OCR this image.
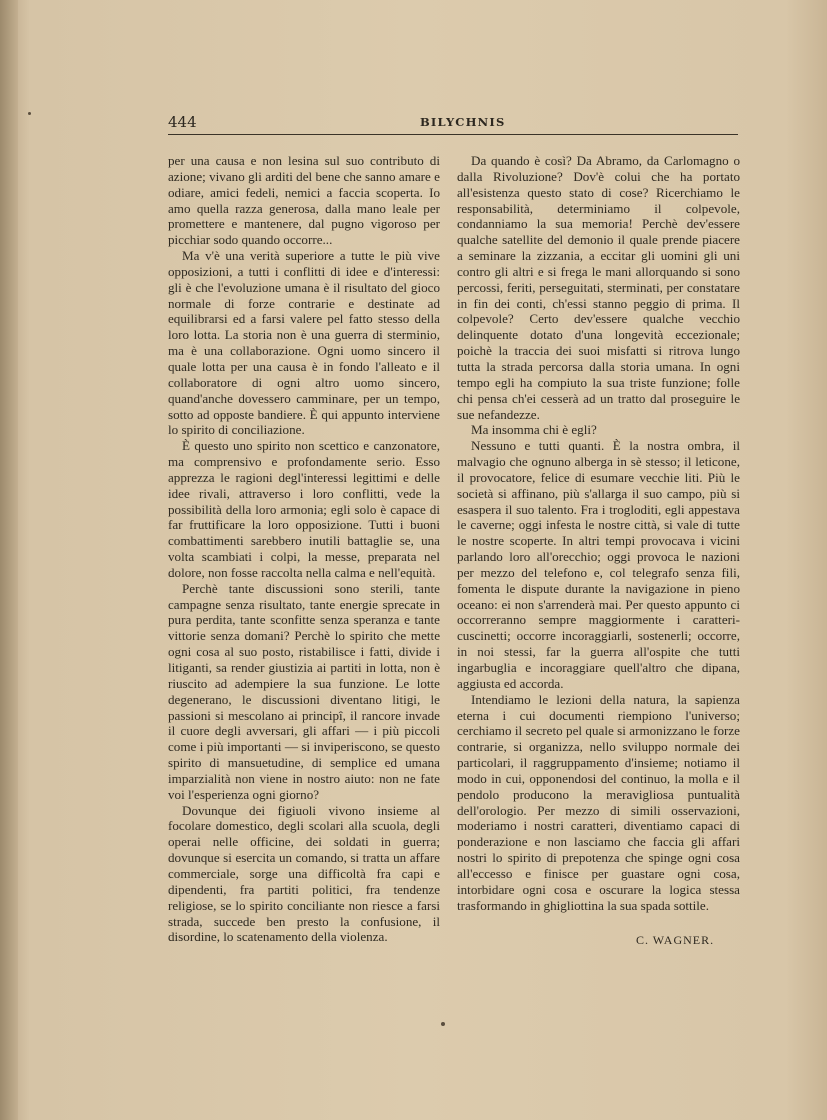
444	BILYCHNIS

per una causa e non lesina sul suo contributo di azione; vivano gli arditi del bene che sanno amare e odiare, amici fedeli, nemici a faccia scoperta. Io amo quella razza generosa, dalla mano leale per promettere e mantenere, dal pugno vigoroso per picchiar sodo quando occorre...

Ma v'è una verità superiore a tutte le più vive opposizioni, a tutti i conflitti di idee e d'interessi: gli è che l'evoluzione umana è il risultato del gioco normale di forze contrarie e destinate ad equilibrarsi ed a farsi valere pel fatto stesso della loro lotta. La storia non è una guerra di sterminio, ma è una collaborazione. Ogni uomo sincero il quale lotta per una causa è in fondo l'alleato e il collaboratore di ogni altro uomo sincero, quand'anche dovessero camminare, per un tempo, sotto ad opposte bandiere. È qui appunto interviene lo spirito di conciliazione.

È questo uno spirito non scettico e canzonatore, ma comprensivo e profondamente serio. Esso apprezza le ragioni degl'interessi legittimi e delle idee rivali, attraverso i loro conflitti, vede la possibilità della loro armonia; egli solo è capace di far fruttificare la loro opposizione. Tutti i buoni combattimenti sarebbero inutili battaglie se, una volta scambiati i colpi, la messe, preparata nel dolore, non fosse raccolta nella calma e nell'equità.

Perchè tante discussioni sono sterili, tante campagne senza risultato, tante energie sprecate in pura perdita, tante sconfitte senza speranza e tante vittorie senza domani? Perchè lo spirito che mette ogni cosa al suo posto, ristabilisce i fatti, divide i litiganti, sa render giustizia ai partiti in lotta, non è riuscito ad adempiere la sua funzione. Le lotte degenerano, le discussioni diventano litigi, le passioni si mescolano ai principî, il rancore invade il cuore degli avversari, gli affari — i più piccoli come i più importanti — si inviperiscono, se questo spirito di mansuetudine, di semplice ed umana imparzialità non viene in nostro aiuto: non ne fate voi l'esperienza ogni giorno?

Dovunque dei figiuoli vivono insieme al focolare domestico, degli scolari alla scuola, degli operai nelle officine, dei soldati in guerra; dovunque si esercita un comando, si tratta un affare commerciale, sorge una difficoltà fra capi e dipendenti, fra partiti politici, fra tendenze religiose, se lo spirito conciliante non riesce a farsi strada, succede ben presto la confusione, il disordine, lo scatenamento della violenza.

Da quando è così? Da Abramo, da Carlomagno o dalla Rivoluzione? Dov'è colui che ha portato all'esistenza questo stato di cose? Ricerchiamo le responsabilità, determiniamo il colpevole, condanniamo la sua memoria! Perchè dev'essere qualche satellite del demonio il quale prende piacere a seminare la zizzania, a eccitar gli uomini gli uni contro gli altri e si frega le mani allorquando si sono percossi, feriti, perseguitati, sterminati, per constatare in fin dei conti, ch'essi stanno peggio di prima. Il colpevole? Certo dev'essere qualche vecchio delinquente dotato d'una longevità eccezionale; poichè la traccia dei suoi misfatti si ritrova lungo tutta la strada percorsa dalla storia umana. In ogni tempo egli ha compiuto la sua triste funzione; folle chi pensa ch'ei cesserà ad un tratto dal proseguire le sue nefandezze.

Ma insomma chi è egli?

Nessuno e tutti quanti. È la nostra ombra, il malvagio che ognuno alberga in sè stesso; il leticone, il provocatore, felice di esumare vecchie liti. Più le società si affinano, più s'allarga il suo campo, più si esaspera il suo talento. Fra i trogloditi, egli appestava le caverne; oggi infesta le nostre città, si vale di tutte le nostre scoperte. In altri tempi provocava i vicini parlando loro all'orecchio; oggi provoca le nazioni per mezzo del telefono e, col telegrafo senza fili, fomenta le dispute durante la navigazione in pieno oceano: ei non s'arrenderà mai. Per questo appunto ci occorreranno sempre maggiormente i caratteri-cuscinetti; occorre incoraggiarli, sostenerli; occorre, in noi stessi, far la guerra all'ospite che tutti ingarbuglia e incoraggiare quell'altro che dipana, aggiusta ed accorda.

Intendiamo le lezioni della natura, la sapienza eterna i cui documenti riempiono l'universo; cerchiamo il secreto pel quale si armonizzano le forze contrarie, si organizza, nello sviluppo normale dei particolari, il raggruppamento d'insieme; notiamo il modo in cui, opponendosi del continuo, la molla e il pendolo producono la meravigliosa puntualità dell'orologio. Per mezzo di simili osservazioni, moderiamo i nostri caratteri, diventiamo capaci di ponderazione e non lasciamo che faccia gli affari nostri lo spirito di prepotenza che spinge ogni cosa all'eccesso e finisce per guastare ogni cosa, intorbidare ogni cosa e oscurare la logica stessa trasformando in ghigliottina la sua spada sottile.

C. WAGNER.
